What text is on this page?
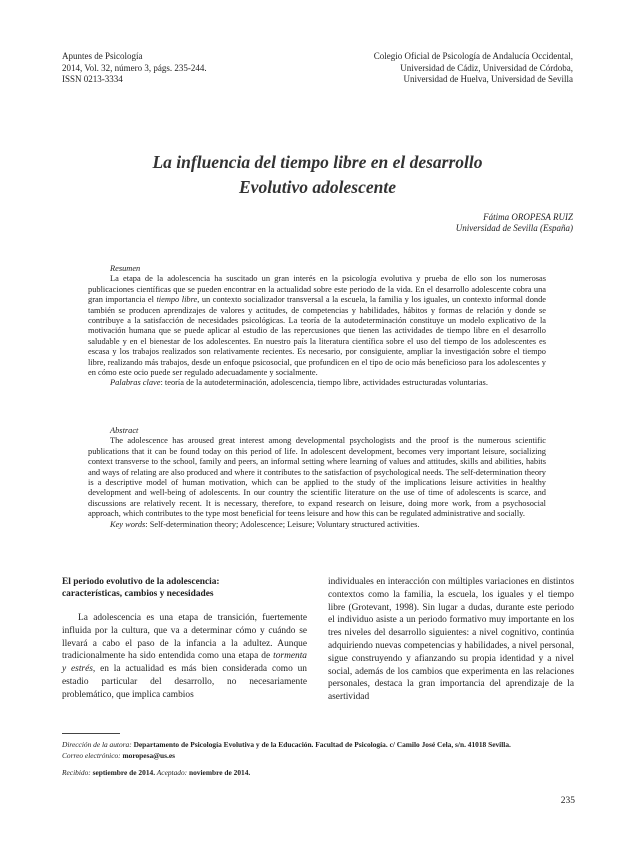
Apuntes de Psicología
2014, Vol. 32, número 3, págs. 235-244.
ISSN 0213-3334
Colegio Oficial de Psicología de Andalucía Occidental,
Universidad de Cádiz, Universidad de Córdoba,
Universidad de Huelva, Universidad de Sevilla
La influencia del tiempo libre en el desarrollo
Evolutivo adolescente
Fátima OROPESA RUIZ
Universidad de Sevilla (España)
Resumen

La etapa de la adolescencia ha suscitado un gran interés en la psicología evolutiva y prueba de ello son los numerosas publicaciones científicas que se pueden encontrar en la actualidad sobre este periodo de la vida. En el desarrollo adolescente cobra una gran importancia el tiempo libre, un contexto socializador transversal a la escuela, la familia y los iguales, un contexto informal donde también se producen aprendizajes de valores y actitudes, de competencias y habilidades, hábitos y formas de relación y donde se contribuye a la satisfacción de necesidades psicológicas. La teoría de la autodeterminación constituye un modelo explicativo de la motivación humana que se puede aplicar al estudio de las repercusiones que tienen las actividades de tiempo libre en el desarrollo saludable y en el bienestar de los adolescentes. En nuestro país la literatura científica sobre el uso del tiempo de los adolescentes es escasa y los trabajos realizados son relativamente recientes. Es necesario, por consiguiente, ampliar la investigación sobre el tiempo libre, realizando más trabajos, desde un enfoque psicosocial, que profundicen en el tipo de ocio más beneficioso para los adolescentes y en cómo este ocio puede ser regulado adecuadamente y socialmente.

Palabras clave: teoría de la autodeterminación, adolescencia, tiempo libre, actividades estructuradas voluntarias.

Abstract

The adolescence has aroused great interest among developmental psychologists and the proof is the numerous scientific publications that it can be found today on this period of life. In adolescent development, becomes very important leisure, socializing context transverse to the school, family and peers, an informal setting where learning of values and attitudes, skills and abilities, habits and ways of relating are also produced and where it contributes to the satisfaction of psychological needs. The self-determination theory is a descriptive model of human motivation, which can be applied to the study of the implications leisure activities in healthy development and well-being of adolescents. In our country the scientific literature on the use of time of adolescents is scarce, and discussions are relatively recent. It is necessary, therefore, to expand research on leisure, doing more work, from a psychosocial approach, which contributes to the type most beneficial for teens leisure and how this can be regulated administrative and socially.

Key words: Self-determination theory; Adolescence; Leisure; Voluntary structured activities.

El periodo evolutivo de la adolescencia:
características, cambios y necesidades

La adolescencia es una etapa de transición, fuertemente influida por la cultura, que va a determinar cómo y cuándo se llevará a cabo el paso de la infancia a la adultez. Aunque tradicionalmente ha sido entendida como una etapa de tormenta y estrés, en la actualidad es más bien considerada como un estadio particular del desarrollo, no necesariamente problemático, que implica cambios

individuales en interacción con múltiples variaciones en distintos contextos como la familia, la escuela, los iguales y el tiempo libre (Grotevant, 1998). Sin lugar a dudas, durante este periodo el individuo asiste a un periodo formativo muy importante en los tres niveles del desarrollo siguientes: a nivel cognitivo, continúa adquiriendo nuevas competencias y habilidades, a nivel personal, sigue construyendo y afianzando su propia identidad y a nivel social, además de los cambios que experimenta en las relaciones personales, destaca la gran importancia del aprendizaje de la asertividad

Dirección de la autora: Departamento de Psicología Evolutiva y de la Educación. Facultad de Psicología. c/ Camilo José Cela, s/n. 41018 Sevilla.
Correo electrónico: moropesa@us.es
Recibido: septiembre de 2014. Aceptado: noviembre de 2014.
235
